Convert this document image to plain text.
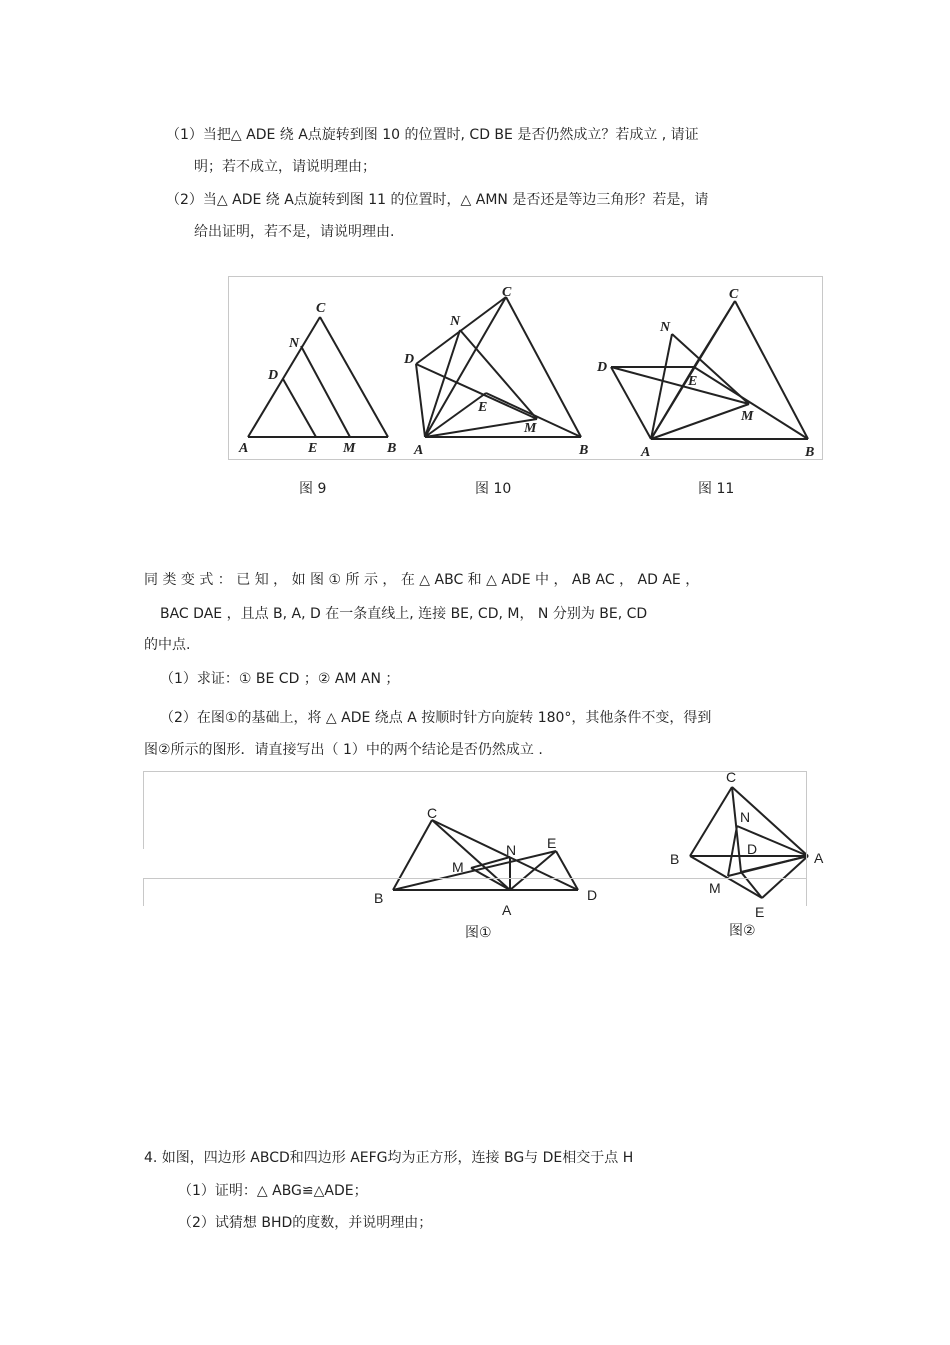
（1）当把△ ADE 绕 A点旋转到图 10 的位置时, CD BE 是否仍然成立？若成立 , 请证
明；若不成立，请说明理由；
（2）当△ ADE 绕 A点旋转到图 11 的位置时，△ AMN 是否还是等边三角形？若是，请
给出证明，若不是，请说明理由.
A	B
C
D
E M
N
A	B
C
D
E
M
N
A	B
C
D
E
M
N
A
B
C
D
E
M
N	A
B
C
D
E
M
N
图 9	图 10	图 11
同 类 变 式 ： 已 知 ， 如 图 ① 所 示 ， 在 △ ABC 和 △ ADE 中 ， AB AC ， AD AE ，
BAC DAE ，且点 B, A, D 在一条直线上, 连接 BE, CD, M， N 分别为 BE, CD
的中点.
（1）求证：① BE CD ；② AM AN ；
（2）在图①的基础上，将 △ ADE 绕点 A 按顺时针方向旋转 180°，其他条件不变，得到
图②所示的图形．请直接写出（ 1）中的两个结论是否仍然成立 .
图①	图②
4. 如图，四边形 ABCD和四边形 AEFG均为正方形，连接 BG与 DE相交于点 H
（1）证明：△ ABG≌△ADE；
（2）试猜想 BHD的度数，并说明理由；
